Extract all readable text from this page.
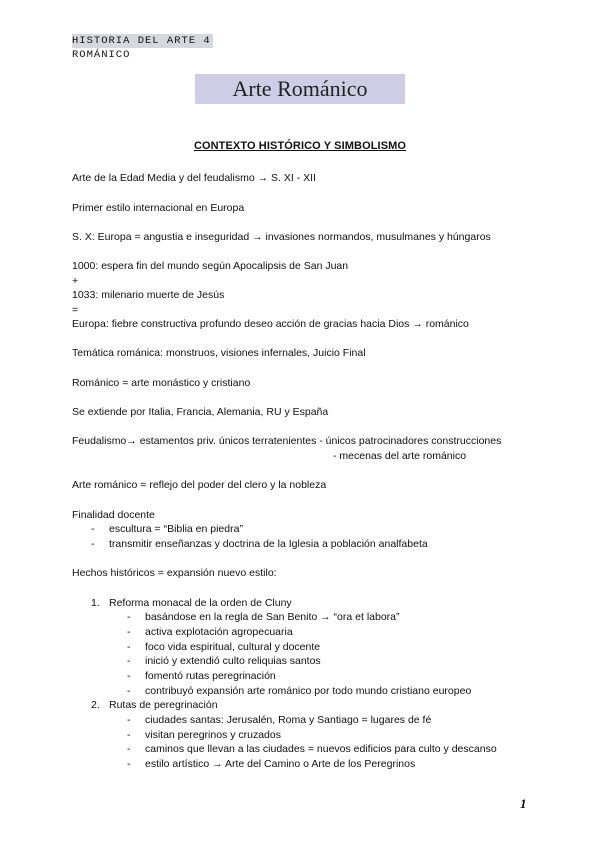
HISTORIA DEL ARTE 4
ROMÁNICO
Arte Románico
CONTEXTO HISTÓRICO Y SIMBOLISMO
Arte de la Edad Media y del feudalismo → S. XI - XII
Primer estilo internacional en Europa
S. X: Europa = angustia e inseguridad → invasiones normandos, musulmanes y húngaros
1000: espera fin del mundo según Apocalipsis de San Juan
+
1033: milenario muerte de Jesús
=
Europa: fiebre constructiva profundo deseo acción de gracias hacia Dios → románico
Temática románica: monstruos, visiones infernales, Juicio Final
Románico = arte monástico y cristiano
Se extiende por Italia, Francia, Alemania, RU y España
Feudalismo→ estamentos priv. únicos terratenientes - únicos patrocinadores construcciones
- mecenas del arte románico
Arte románico = reflejo del poder del clero y la nobleza
Finalidad docente
- escultura = “Biblia en piedra”
- transmitir enseñanzas y doctrina de la Iglesia a población analfabeta
Hechos históricos = expansión nuevo estilo:
1. Reforma monacal de la orden de Cluny
- basándose en la regla de San Benito → “ora et labora”
- activa explotación agropecuaria
- foco vida espiritual, cultural y docente
- inició y extendió culto reliquias santos
- fomentó rutas peregrinación
- contribuyó expansión arte románico por todo mundo cristiano europeo
2. Rutas de peregrinación
- ciudades santas: Jerusalén, Roma y Santiago = lugares de fé
- visitan peregrinos y cruzados
- caminos que llevan a las ciudades = nuevos edificios para culto y descanso
- estilo artístico → Arte del Camino o Arte de los Peregrinos
1
